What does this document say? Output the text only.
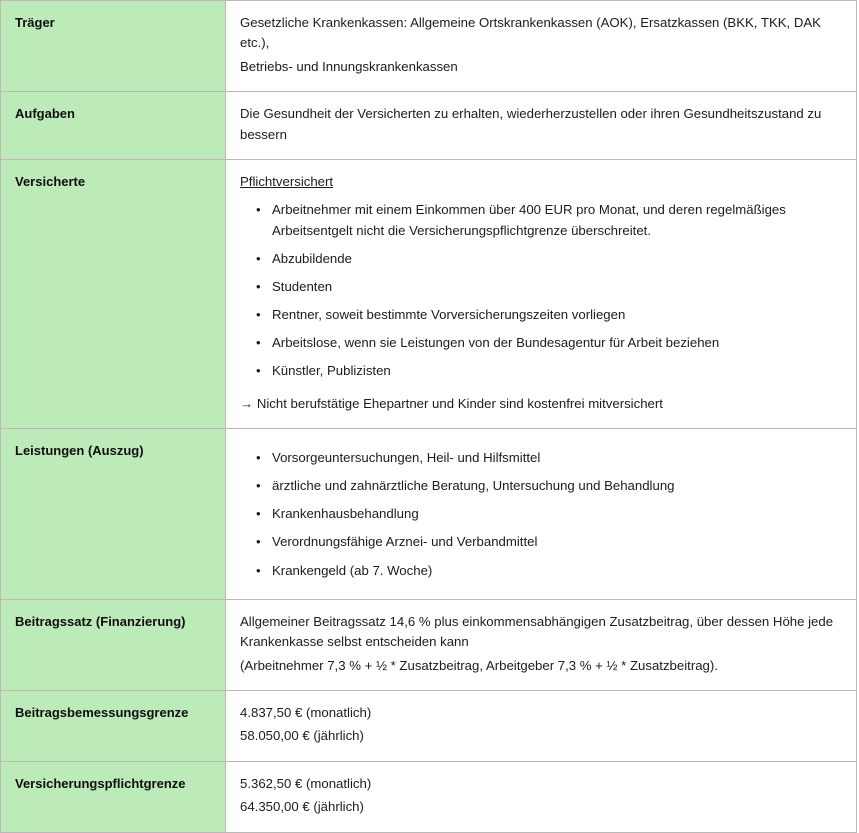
Träger	Gesetzliche Krankenkassen: Allgemeine Ortskrankenkassen (AOK), Ersatzkassen (BKK, TKK, DAK etc.),
Betriebs- und Innungskrankenkassen

Aufgaben	Die Gesundheit der Versicherten zu erhalten, wiederherzustellen oder ihren Gesundheitszustand zu bessern

Versicherte	Pflichtversichert
• Arbeitnehmer mit einem Einkommen über 400 EUR pro Monat, und deren regelmäßiges Arbeitsentgelt nicht die Versicherungspflichtgrenze überschreitet.
• Abzubildende
• Studenten
• Rentner, soweit bestimmte Vorversicherungszeiten vorliegen
• Arbeitslose, wenn sie Leistungen von der Bundesagentur für Arbeit beziehen
• Künstler, Publizisten
→ Nicht berufstätige Ehepartner und Kinder sind kostenfrei mitversichert

Leistungen (Auszug)	
•Vorsorgeuntersuchungen, Heil- und Hilfsmittel
• ärztliche und zahnärztliche Beratung, Untersuchung und Behandlung
• Krankenhausbehandlung
• Verordnungsfähige Arznei- und Verbandmittel
• Krankengeld (ab 7. Woche)

Beitragssatz (Finanzierung)	Allgemeiner Beitragssatz 14,6 % plus einkommensabhängigen Zusatzbeitrag, über dessen Höhe jede Krankenkasse selbst entscheiden kann
(Arbeitnehmer 7,3 % + ½ * Zusatzbeitrag, Arbeitgeber 7,3 % + ½ * Zusatzbeitrag).

Beitragsbemessungsgrenze	4.837,50 € (monatlich)
58.050,00 € (jährlich)

Versicherungspflichtgrenze	5.362,50 € (monatlich)
64.350,00 € (jährlich)
